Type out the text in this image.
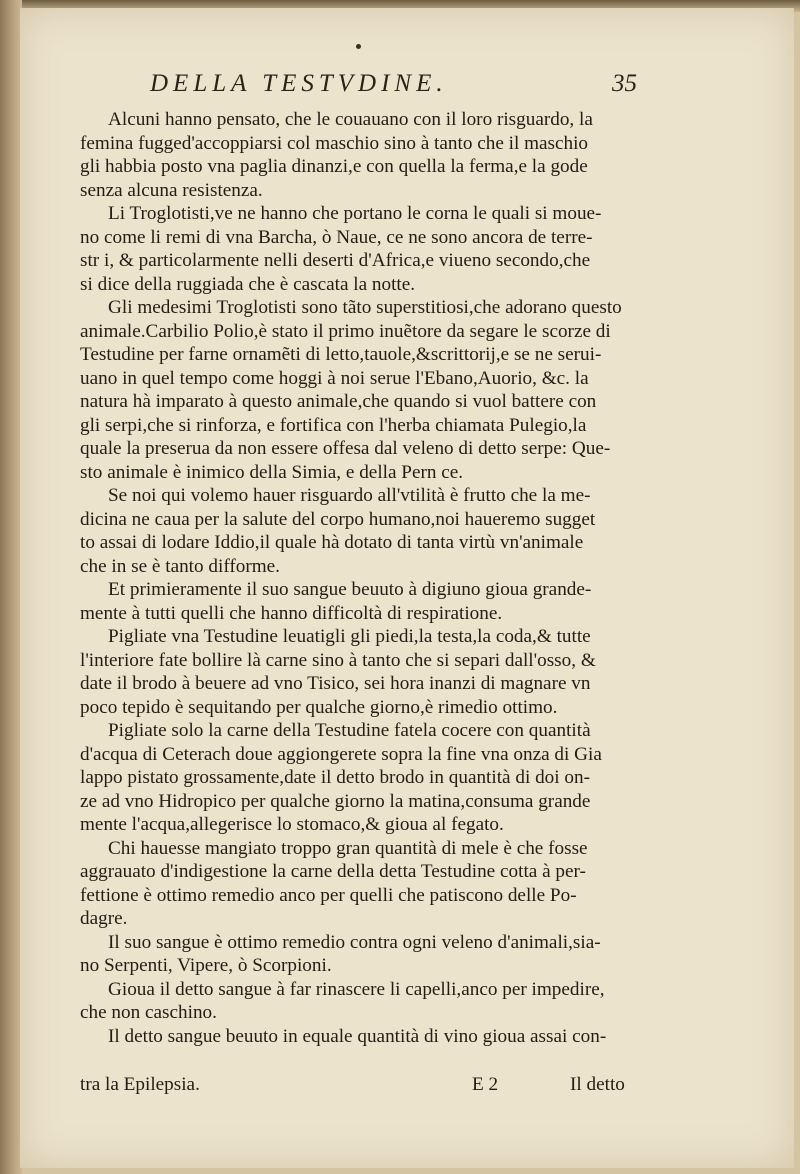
DELLA TESTVDINE.	35
Alcuni hanno pensato, che le couauano con il loro risguardo, la
femina fugged'accoppiarsi col maschio sino à tanto che il maschio
gli habbia posto vna paglia dinanzi,e con quella la ferma,e la gode
senza alcuna resistenza.
Li Troglotisti,ve ne hanno che portano le corna le quali si moue-
no come li remi di vna Barcha, ò Naue, ce ne sono ancora de terre-
str i, & particolarmente nelli deserti d'Africa,e viueno secondo,che
si dice della ruggiada che è cascata la notte.
Gli medesimi Troglotisti sono tãto superstitiosi,che adorano questo
animale.Carbilio Polio,è stato il primo inuẽtore da segare le scorze di
Testudine per farne ornamẽti di letto,tauole,&scrittorij,e se ne serui-
uano in quel tempo come hoggi à noi serue l'Ebano,Auorio, &c. la
natura hà imparato à questo animale,che quando si vuol battere con
gli serpi,che si rinforza, e fortifica con l'herba chiamata Pulegio,la
quale la preserua da non essere offesa dal veleno di detto serpe: Que-
sto animale è inimico della Simia, e della Pern ce.
Se noi qui volemo hauer risguardo all'vtilità è frutto che la me-
dicina ne caua per la salute del corpo humano,noi haueremo sugget
to assai di lodare Iddio,il quale hà dotato di tanta virtù vn'animale
che in se è tanto difforme.
Et primieramente il suo sangue beuuto à digiuno gioua grande-
mente à tutti quelli che hanno difficoltà di respiratione.
Pigliate vna Testudine leuatigli gli piedi,la testa,la coda,& tutte
l'interiore fate bollire là carne sino à tanto che si separi dall'osso, &
date il brodo à beuere ad vno Tisico, sei hora inanzi di magnare vn
poco tepido è sequitando per qualche giorno,è rimedio ottimo.
Pigliate solo la carne della Testudine fatela cocere con quantità
d'acqua di Ceterach doue aggiongerete sopra la fine vna onza di Gia
lappo pistato grossamente,date il detto brodo in quantità di doi on-
ze ad vno Hidropico per qualche giorno la matina,consuma grande
mente l'acqua,allegerisce lo stomaco,& gioua al fegato.
Chi hauesse mangiato troppo gran quantità di mele è che fosse
aggrauato d'indigestione la carne della detta Testudine cotta à per-
fettione è ottimo remedio anco per quelli che patiscono delle Po-
dagre.
Il suo sangue è ottimo remedio contra ogni veleno d'animali,sia-
no Serpenti, Vipere, ò Scorpioni.
Gioua il detto sangue à far rinascere li capelli,anco per impedire,
che non caschino.
Il detto sangue beuuto in equale quantità di vino gioua assai con-
tra la Epilepsia.	E 2	Il detto
